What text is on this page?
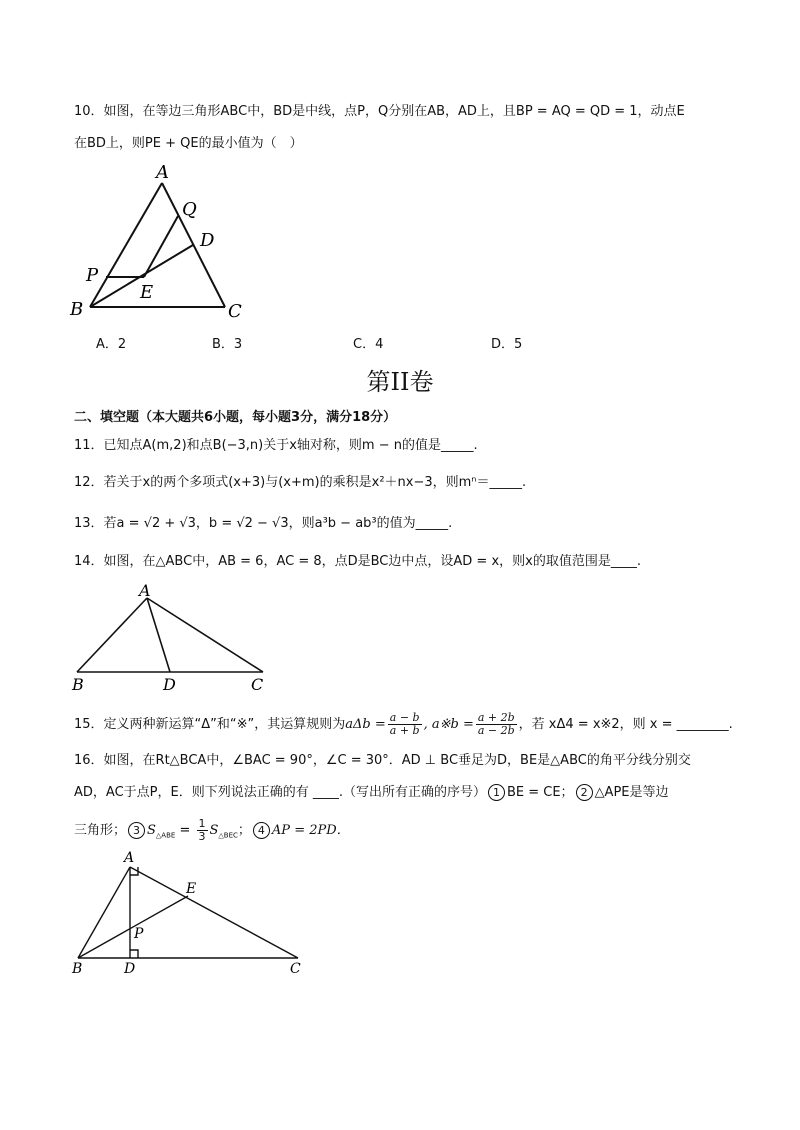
10．如图，在等边三角形ABC中，BD是中线，点P，Q分别在AB，AD上，且BP = AQ = QD = 1，动点E
在BD上，则PE + QE的最小值为（　）
A
Q
D
P
E
B	C
A．2	B．3	C．4	D．5
第II卷
二、填空题（本大题共6小题，每小题3分，满分18分）
11．已知点A(m,2)和点B(−3,n)关于x轴对称，则m − n的值是_____.
12．若关于x的两个多项式(x+3)与(x+m)的乘积是x²＋nx−3，则mⁿ＝_____.
13．若a = √2 + √3，b = √2 − √3，则a³b − ab³的值为_____.
14．如图，在△ABC中，AB = 6，AC = 8，点D是BC边中点，设AD = x，则x的取值范围是____.
A
B	D	C
15．定义两种新运算“Δ”和“※”，其运算规则为$a\Delta b = \frac{a - b}{a + b}$ , a※b = $\frac{a + 2b}{a - 2b}$ ，若 xΔ4 = x※2，则 x = ________.
16．如图，在Rt△BCA中，∠BAC = 90°，∠C = 30°．AD ⊥ BC垂足为D，BE是△ABC的角平分线分别交
AD，AC于点P，E．则下列说法正确的有 ____.（写出所有正确的序号） 1 BE = CE； 2 △APE是等边
三角形； 3 $S_{\triangle ABE} = \frac{1}{3} S_{\triangle BEC}$； 4 AP = 2PD．
A
E
P
B	D	C
